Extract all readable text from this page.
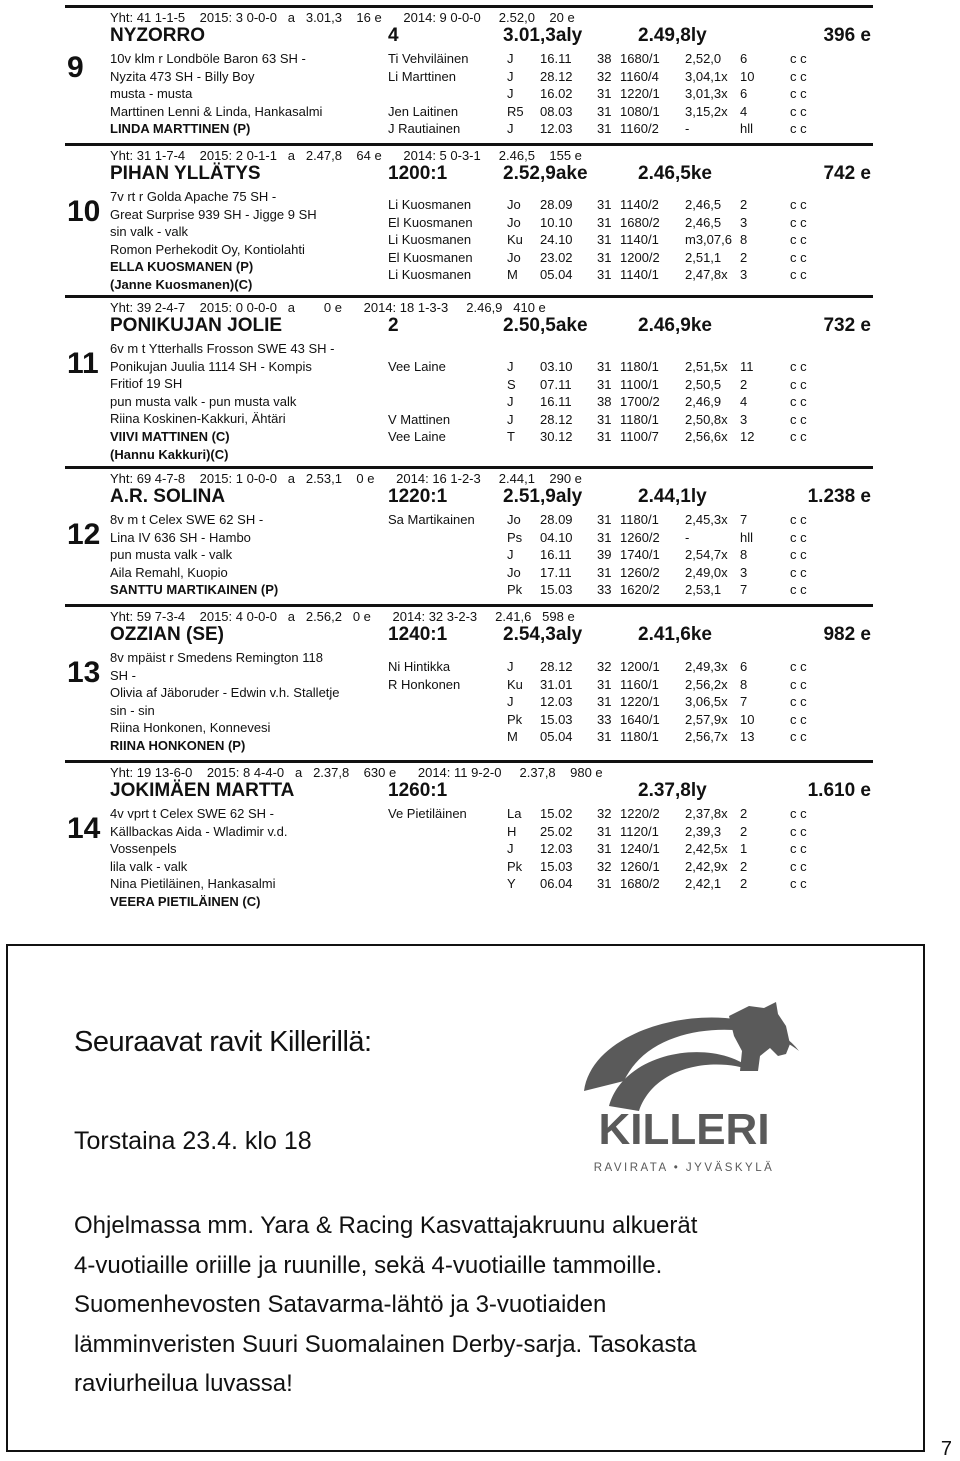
Yht: 41 1-1-5    2015: 3 0-0-0   a   3.01,3    16 e      2014: 9 0-0-0     2.52,0    20 e
NYZORRO	4	3.01,3aly	2.49,8ly	396 e
9 10v klm r Londböle Baron 63 SH -
Nyzita 473 SH - Billy Boy
musta - musta
Marttinen Lenni & Linda, Hankasalmi
LINDA MARTTINEN (P)
Ti Vehviläinen	J 16.11 38 1680/1 2,52,0 6	c c
Li Marttinen	J 28.12 32 1160/4 3,04,1x 10	c c
J 16.02 31 1220/1 3,01,3x 6	c c
Jen Laitinen	R5 08.03 31 1080/1 3,15,2x 4	c c
J Rautiainen	J 12.03 31 1160/2 -	hll	c c
Yht: 31 1-7-4    2015: 2 0-1-1   a   2.47,8    64 e      2014: 5 0-3-1     2.46,5    155 e
PIHAN YLLÄTYS	1200:1	2.52,9ake	2.46,5ke	742 e
10 7v rt r Golda Apache 75 SH -
Great Surprise 939 SH - Jigge 9 SH
sin valk - valk
Romon Perhekodit Oy, Kontiolahti
ELLA KUOSMANEN (P)
(Janne Kuosmanen)(C)
Li Kuosmanen	Jo 28.09 31 1140/2 2,46,5 2	c c
El Kuosmanen	Jo 10.10 31 1680/2 2,46,5 3	c c
Li Kuosmanen	Ku 24.10 31 1140/1 m3,07,6 8	c c
El Kuosmanen	Jo 23.02 31 1200/2 2,51,1 2	c c
Li Kuosmanen	M 05.04 31 1140/1 2,47,8x 3	c c
Yht: 39 2-4-7    2015: 0 0-0-0   a        0 e      2014: 18 1-3-3     2.46,9   410 e
PONIKUJAN JOLIE	2	2.50,5ake	2.46,9ke	732 e
11 6v m t Ytterhalls Frosson SWE 43 SH -
Ponikujan Juulia 1114 SH - Kompis
Fritiof 19 SH
pun musta valk - pun musta valk
Riina Koskinen-Kakkuri, Ähtäri
VIIVI MATTINEN (C)
(Hannu Kakkuri)(C)
Vee Laine	J 03.10 31 1180/1 2,51,5x 11	c c
S 07.11 31 1100/1 2,50,5 2	c c
J 16.11 38 1700/2 2,46,9 4	c c
V Mattinen	J 28.12 31 1180/1 2,50,8x 3	c c
Vee Laine	T 30.12 31 1100/7 2,56,6x 12	c c
Yht: 69 4-7-8    2015: 1 0-0-0   a   2.53,1    0 e      2014: 16 1-2-3     2.44,1    290 e
A.R. SOLINA	1220:1	2.51,9aly	2.44,1ly	1.238 e
12 8v m t Celex SWE 62 SH -
Lina IV 636 SH - Hambo
pun musta valk - valk
Aila Remahl, Kuopio
SANTTU MARTIKAINEN (P)
Sa Martikainen Jo 28.09 31 1180/1 2,45,3x 7	c c
Ps 04.10 31 1260/2 -	hll	c c
J 16.11 39 1740/1 2,54,7x 8	c c
Jo 17.11 31 1260/2 2,49,0x 3	c c
Pk 15.03 33 1620/2 2,53,1 7	c c
Yht: 59 7-3-4    2015: 4 0-0-0   a   2.56,2   0 e      2014: 32 3-2-3     2.41,6   598 e
OZZIAN (SE)	1240:1	2.54,3aly	2.41,6ke	982 e
13 8v mpäist r Smedens Remington 118
SH -
Olivia af Jäboruder - Edwin v.h. Stalletje
sin - sin
Riina Honkonen, Konnevesi
RIINA HONKONEN (P)
Ni Hintikka	J 28.12 32 1200/1 2,49,3x 6	c c
R Honkonen	Ku 31.01 31 1160/1 2,56,2x 8	c c
J 12.03 31 1220/1 3,06,5x 7	c c
Pk 15.03 33 1640/1 2,57,9x 10	c c
M 05.04 31 1180/1 2,56,7x 13	c c
Yht: 19 13-6-0    2015: 8 4-4-0   a   2.37,8    630 e      2014: 11 9-2-0     2.37,8    980 e
JOKIMÄEN MARTTA	1260:1	2.37,8ly	1.610 e
14 4v vprt t Celex SWE 62 SH -
Källbackas Aida - Wladimir v.d.
Vossenpels
lila valk - valk
Nina Pietiläinen, Hankasalmi
VEERA PIETILÄINEN (C)
Ve Pietiläinen	La 15.02 32 1220/2 2,37,8x 2	c c
H 25.02 31 1120/1 2,39,3 2	c c
J 12.03 31 1240/1 2,42,5x 1	c c
Pk 15.03 32 1260/1 2,42,9x 2	c c
Y 06.04 31 1680/2 2,42,1 2	c c
Seuraavat ravit Killerillä:
Torstaina 23.4. klo 18
Ohjelmassa mm. Yara & Racing Kasvattajakruunu alkuerät
4-vuotiaille oriille ja ruunille, sekä 4-vuotiaille tammoille.
Suomenhevosten Satavarma-lähtö ja 3-vuotiaiden
lämminveristen Suuri Suomalainen Derby-sarja. Tasokasta
raviurheilua luvassa!
KILLERI
RAVIRATA • JYVÄSKYLÄ
7
